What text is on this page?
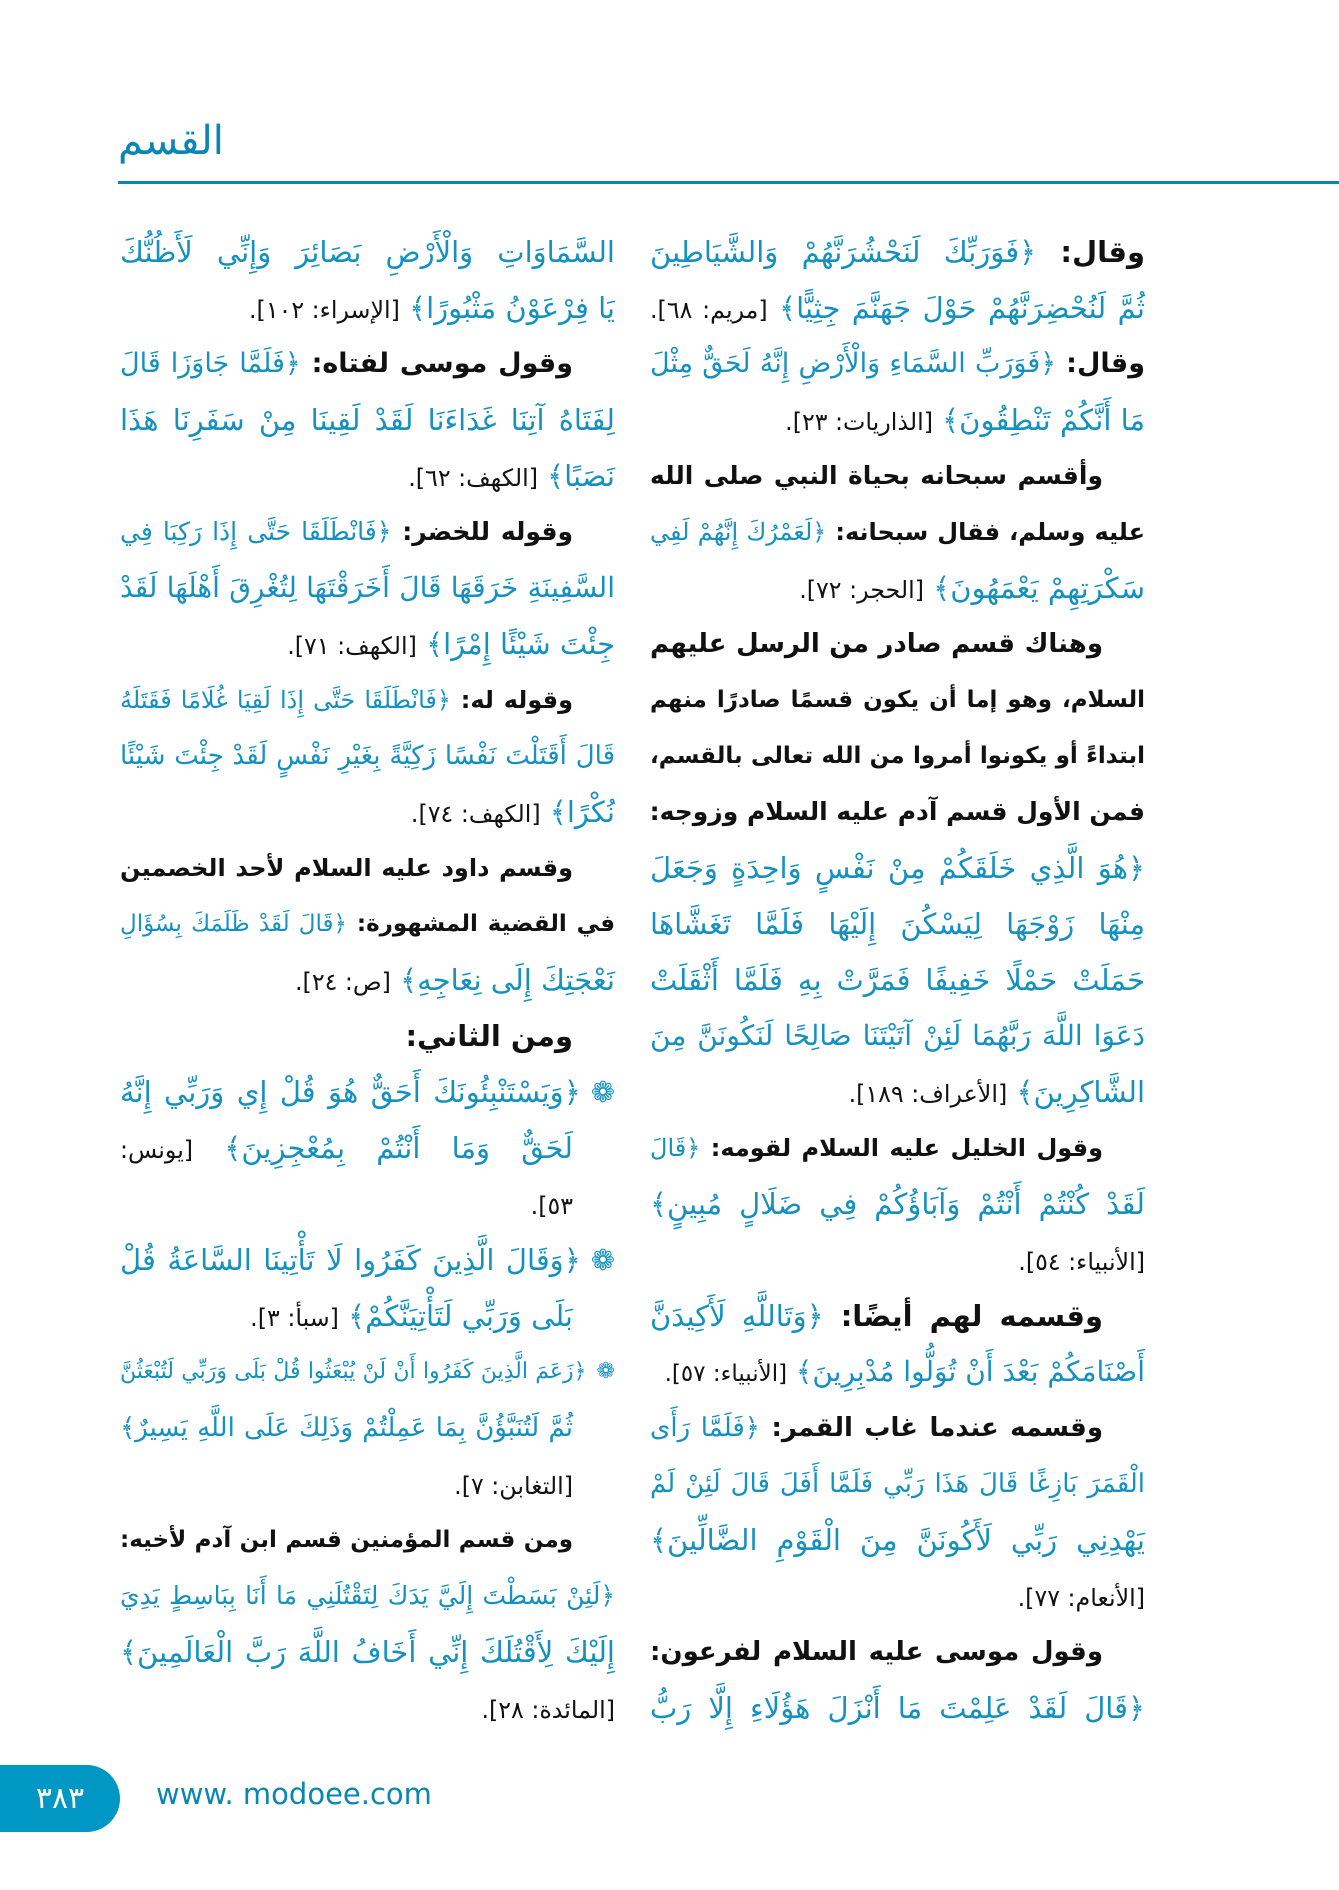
القسم
وقال: ﴿فَوَرَبِّكَ لَنَحْشُرَنَّهُمْ وَالشَّيَاطِينَ
ثُمَّ لَنُحْضِرَنَّهُمْ حَوْلَ جَهَنَّمَ جِثِيًّا﴾ [مريم: ٦٨].
وقال: ﴿فَوَرَبِّ السَّمَاءِ وَالْأَرْضِ إِنَّهُ لَحَقٌّ مِثْلَ
مَا أَنَّكُمْ تَنْطِقُونَ﴾ [الذاريات: ٢٣].
وأقسم سبحانه بحياة النبي صلى الله
عليه وسلم، فقال سبحانه: ﴿لَعَمْرُكَ إِنَّهُمْ لَفِي
سَكْرَتِهِمْ يَعْمَهُونَ﴾ [الحجر: ٧٢].
وهناك قسم صادر من الرسل عليهم
السلام، وهو إما أن يكون قسمًا صادرًا منهم
ابتداءً أو يكونوا أمروا من الله تعالى بالقسم،
فمن الأول قسم آدم عليه السلام وزوجه:
﴿هُوَ الَّذِي خَلَقَكُمْ مِنْ نَفْسٍ وَاحِدَةٍ وَجَعَلَ
مِنْهَا زَوْجَهَا لِيَسْكُنَ إِلَيْهَا فَلَمَّا تَغَشَّاهَا
حَمَلَتْ حَمْلًا خَفِيفًا فَمَرَّتْ بِهِ فَلَمَّا أَثْقَلَتْ
دَعَوَا اللَّهَ رَبَّهُمَا لَئِنْ آتَيْتَنَا صَالِحًا لَنَكُونَنَّ مِنَ
الشَّاكِرِينَ﴾ [الأعراف: ١٨٩].
وقول الخليل عليه السلام لقومه: ﴿قَالَ
لَقَدْ كُنْتُمْ أَنْتُمْ وَآبَاؤُكُمْ فِي ضَلَالٍ مُبِينٍ﴾
[الأنبياء: ٥٤].
وقسمه لهم أيضًا: ﴿وَتَاللَّهِ لَأَكِيدَنَّ
أَصْنَامَكُمْ بَعْدَ أَنْ تُوَلُّوا مُدْبِرِينَ﴾ [الأنبياء: ٥٧].
وقسمه عندما غاب القمر: ﴿فَلَمَّا رَأَى
الْقَمَرَ بَازِغًا قَالَ هَذَا رَبِّي فَلَمَّا أَفَلَ قَالَ لَئِنْ لَمْ
يَهْدِنِي رَبِّي لَأَكُونَنَّ مِنَ الْقَوْمِ الضَّالِّينَ﴾
[الأنعام: ٧٧].
وقول موسى عليه السلام لفرعون:
﴿قَالَ لَقَدْ عَلِمْتَ مَا أَنْزَلَ هَؤُلَاءِ إِلَّا رَبُّ
السَّمَاوَاتِ وَالْأَرْضِ بَصَائِرَ وَإِنِّي لَأَظُنُّكَ
يَا فِرْعَوْنُ مَثْبُورًا﴾ [الإسراء: ١٠٢].
وقول موسى لفتاه: ﴿فَلَمَّا جَاوَزَا قَالَ
لِفَتَاهُ آتِنَا غَدَاءَنَا لَقَدْ لَقِينَا مِنْ سَفَرِنَا هَذَا
نَصَبًا﴾ [الكهف: ٦٢].
وقوله للخضر: ﴿فَانْطَلَقَا حَتَّى إِذَا رَكِبَا فِي
السَّفِينَةِ خَرَقَهَا قَالَ أَخَرَقْتَهَا لِتُغْرِقَ أَهْلَهَا لَقَدْ
جِئْتَ شَيْئًا إِمْرًا﴾ [الكهف: ٧١].
وقوله له: ﴿فَانْطَلَقَا حَتَّى إِذَا لَقِيَا غُلَامًا فَقَتَلَهُ
قَالَ أَقَتَلْتَ نَفْسًا زَكِيَّةً بِغَيْرِ نَفْسٍ لَقَدْ جِئْتَ شَيْئًا
نُكْرًا﴾ [الكهف: ٧٤].
وقسم داود عليه السلام لأحد الخصمين
في القضية المشهورة: ﴿قَالَ لَقَدْ ظَلَمَكَ بِسُؤَالِ
نَعْجَتِكَ إِلَى نِعَاجِهِ﴾ [ص: ٢٤].
ومن الثاني:
❁﴿وَيَسْتَنْبِئُونَكَ أَحَقٌّ هُوَ قُلْ إِي وَرَبِّي إِنَّهُ
لَحَقٌّ وَمَا أَنْتُمْ بِمُعْجِزِينَ﴾ [يونس:
٥٣].
❁﴿وَقَالَ الَّذِينَ كَفَرُوا لَا تَأْتِينَا السَّاعَةُ قُلْ
بَلَى وَرَبِّي لَتَأْتِيَنَّكُمْ﴾ [سبأ: ٣].
❁﴿زَعَمَ الَّذِينَ كَفَرُوا أَنْ لَنْ يُبْعَثُوا قُلْ بَلَى وَرَبِّي لَتُبْعَثُنَّ
ثُمَّ لَتُنَبَّؤُنَّ بِمَا عَمِلْتُمْ وَذَلِكَ عَلَى اللَّهِ يَسِيرٌ﴾
[التغابن: ٧].
ومن قسم المؤمنين قسم ابن آدم لأخيه:
﴿لَئِنْ بَسَطْتَ إِلَيَّ يَدَكَ لِتَقْتُلَنِي مَا أَنَا بِبَاسِطٍ يَدِيَ
إِلَيْكَ لِأَقْتُلَكَ إِنِّي أَخَافُ اللَّهَ رَبَّ الْعَالَمِينَ﴾
[المائدة: ٢٨].
٣٨٣	www. modoee.com
